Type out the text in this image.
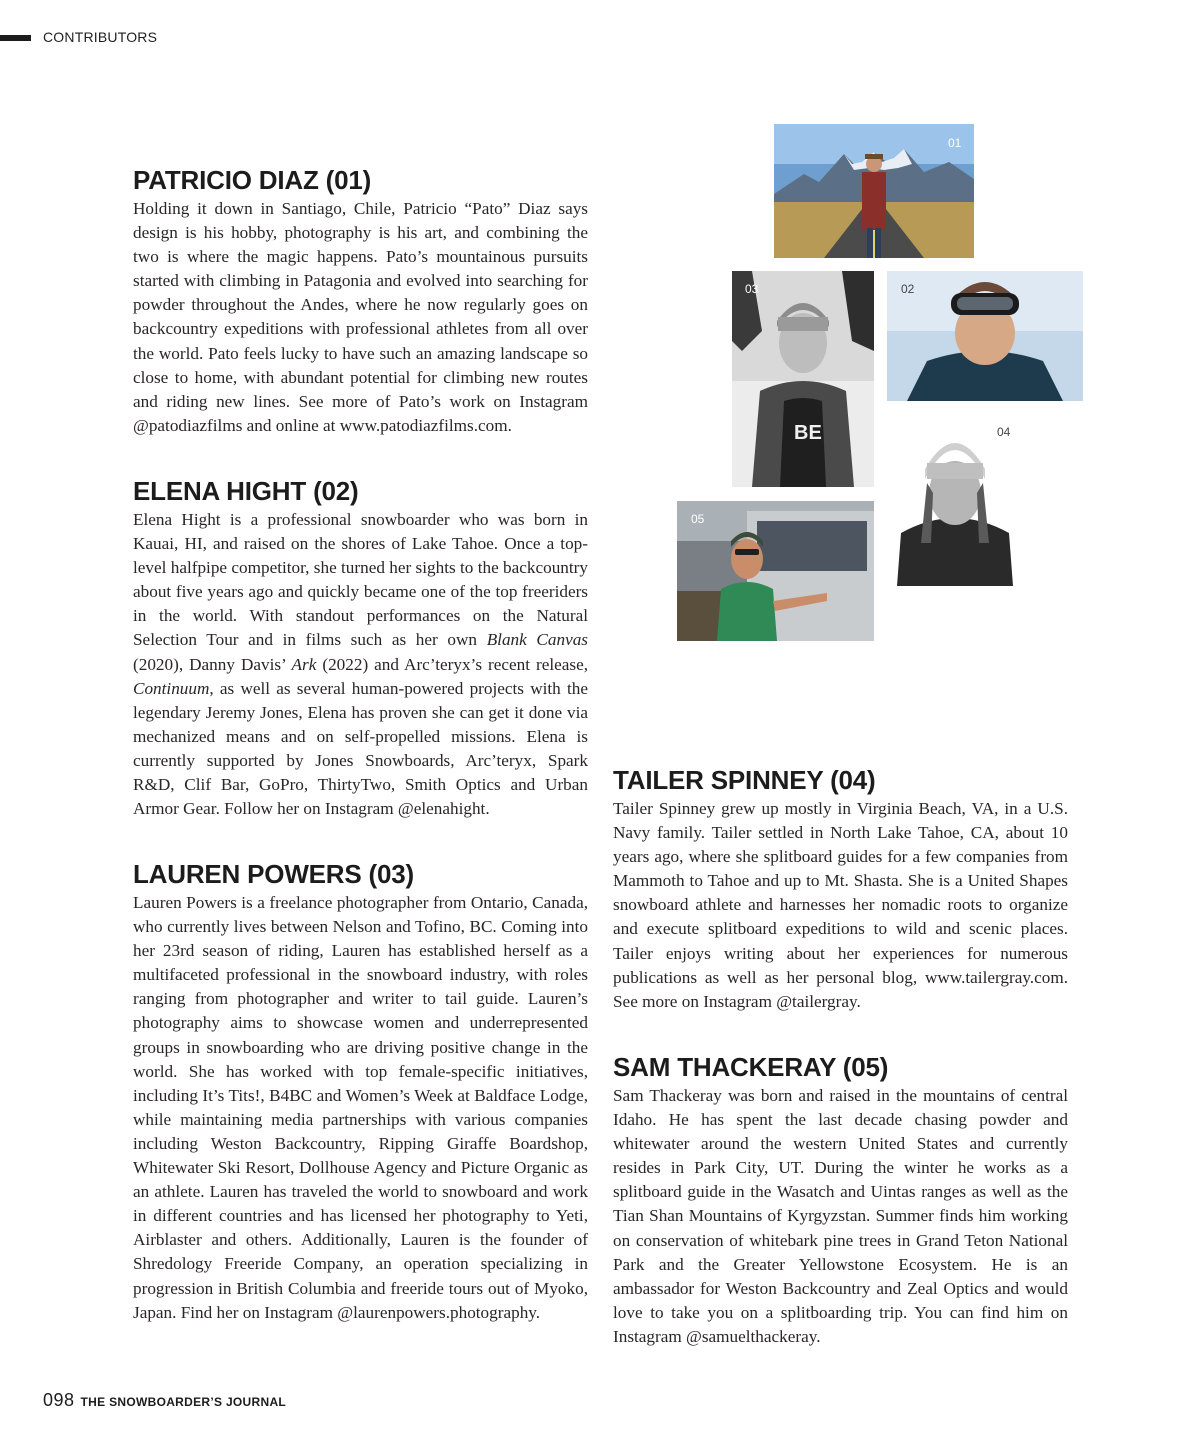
CONTRIBUTORS
PATRICIO DIAZ (01)

Holding it down in Santiago, Chile, Patricio “Pato” Diaz says design is his hobby, photography is his art, and combining the two is where the magic happens. Pato’s mountainous pursuits started with climbing in Patagonia and evolved into searching for powder throughout the Andes, where he now regularly goes on backcountry expeditions with professional athletes from all over the world. Pato feels lucky to have such an amazing landscape so close to home, with abundant potential for climbing new routes and riding new lines. See more of Pato’s work on Instagram @patodiazfilms and online at www.patodiazfilms.com.

ELENA HIGHT (02)

Elena Hight is a professional snowboarder who was born in Kauai, HI, and raised on the shores of Lake Tahoe. Once a top-level halfpipe competitor, she turned her sights to the backcountry about five years ago and quickly became one of the top freeriders in the world. With standout performances on the Natural Selection Tour and in films such as her own Blank Canvas (2020), Danny Davis’ Ark (2022) and Arc’teryx’s recent release, Continuum, as well as several human-powered projects with the legendary Jeremy Jones, Elena has proven she can get it done via mechanized means and on self-propelled missions. Elena is currently supported by Jones Snowboards, Arc’teryx, Spark R&D, Clif Bar, GoPro, ThirtyTwo, Smith Optics and Urban Armor Gear. Follow her on Instagram @elenahight.

LAUREN POWERS (03)

Lauren Powers is a freelance photographer from Ontario, Canada, who currently lives between Nelson and Tofino, BC. Coming into her 23rd season of riding, Lauren has established herself as a multifaceted professional in the snowboard industry, with roles ranging from photographer and writer to tail guide. Lauren’s photography aims to showcase women and underrepresented groups in snowboarding who are driving positive change in the world. She has worked with top female-specific initiatives, including It’s Tits!, B4BC and Women’s Week at Baldface Lodge, while maintaining media partnerships with various companies including Weston Backcountry, Ripping Giraffe Boardshop, Whitewater Ski Resort, Dollhouse Agency and Picture Organic as an athlete. Lauren has traveled the world to snowboard and work in different countries and has licensed her photography to Yeti, Airblaster and others. Additionally, Lauren is the founder of Shredology Freeride Company, an operation specializing in progression in British Columbia and freeride tours out of Myoko, Japan. Find her on Instagram @laurenpowers.photography.

TAILER SPINNEY (04)

Tailer Spinney grew up mostly in Virginia Beach, VA, in a U.S. Navy family. Tailer settled in North Lake Tahoe, CA, about 10 years ago, where she splitboard guides for a few companies from Mammoth to Tahoe and up to Mt. Shasta. She is a United Shapes snowboard athlete and harnesses her nomadic roots to organize and execute splitboard expeditions to wild and scenic places. Tailer enjoys writing about her experiences for numerous publications as well as her personal blog, www.tailergray.com. See more on Instagram @tailergray.

SAM THACKERAY (05)

Sam Thackeray was born and raised in the mountains of central Idaho. He has spent the last decade chasing powder and whitewater around the western United States and currently resides in Park City, UT. During the winter he works as a splitboard guide in the Wasatch and Uintas ranges as well as the Tian Shan Mountains of Kyrgyzstan. Summer finds him working on conservation of whitebark pine trees in Grand Teton National Park and the Greater Yellowstone Ecosystem. He is an ambassador for Weston Backcountry and Zeal Optics and would love to take you on a splitboarding trip. You can find him on Instagram @samuelthackeray.

01
BE
03	02
04
05
098 THE SNOWBOARDER’S JOURNAL
